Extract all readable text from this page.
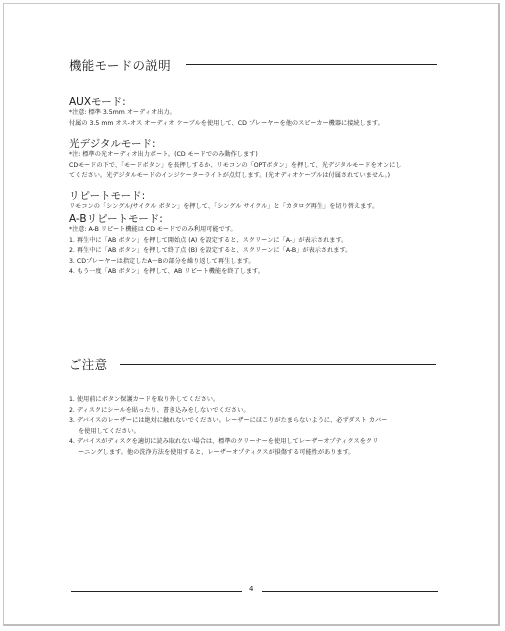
機能モードの説明

AUXモード:

*注意: 標準 3.5mm オーディオ出力。

付属の 3.5 mm オス-オス オーディオ ケーブルを使用して、CD プレーヤーを他のスピーカー機器に接続します。

光デジタルモード:

*注: 標準の光オーディオ出力ポート。(CD モードでのみ動作します)

CDモードの下で、「モードボタン」を長押しするか、リモコンの「OPTボタン」を押して、光デジタルモードをオンにし

てください。光デジタルモードのインジケーターライトが点灯します。(光オディオケーブルは付属されていません。)

リピートモード:

リモコンの「シングル/サイクル ボタン」を押して、「シングル サイクル」と「カタログ再生」を切り替えます。

A-Bリピートモード:

*注意: A-B リピート機能は CD モードでのみ利用可能です。

1. 再生中に「AB ボタン」を押して開始点 (A) を設定すると、スクリーンに「A-」が表示されます。

2. 再生中に「AB ボタン」を押して終了点 (B) を設定すると、スクリーンに「A-B」が表示されます。

3. CDプレーヤーは指定したA～Bの部分を繰り返して再生します。

4. もう一度「AB ボタン」を押して、AB リピート機能を終了します。

ご注意

1. 使用前にボタン保護カードを取り外してください。

2. ディスクにシールを貼ったり、書き込みをしないでください。

3. デバイスのレーザーには絶対に触れないでください。レーザーにほこりがたまらないように、必ずダスト カバー

を使用してください。

4. デバイスがディスクを適切に読み取れない場合は、標準のクリーナーを使用してレーザーオプティクスをクリ

ーニングします。他の洗浄方法を使用すると、レーザーオプティクスが損傷する可能性があります。

4
